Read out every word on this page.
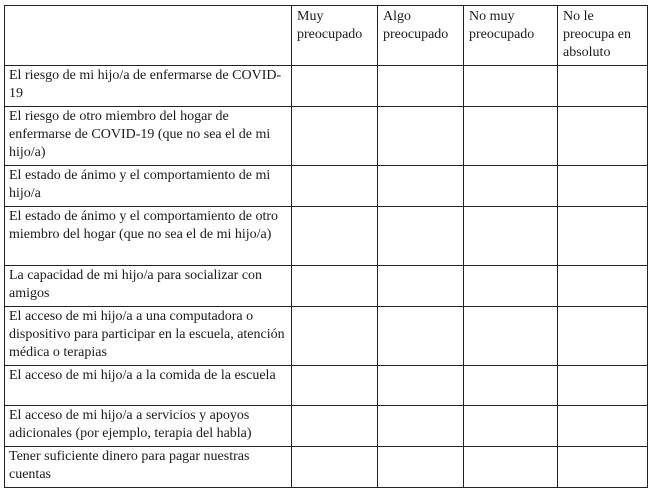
	Muy preocupado	Algo preocupado	No muy preocupado	No le preocupa en absoluto
El riesgo de mi hijo/a de enfermarse de COVID-19				
El riesgo de otro miembro del hogar de enfermarse de COVID-19 (que no sea el de mi hijo/a)				
El estado de ánimo y el comportamiento de mi hijo/a				
El estado de ánimo y el comportamiento de otro miembro del hogar (que no sea el de mi hijo/a)				
La capacidad de mi hijo/a para socializar con amigos				
El acceso de mi hijo/a a una computadora o dispositivo para participar en la escuela, atención médica o terapias				
El acceso de mi hijo/a a la comida de la escuela				
El acceso de mi hijo/a a servicios y apoyos adicionales (por ejemplo, terapia del habla)				
Tener suficiente dinero para pagar nuestras cuentas				
